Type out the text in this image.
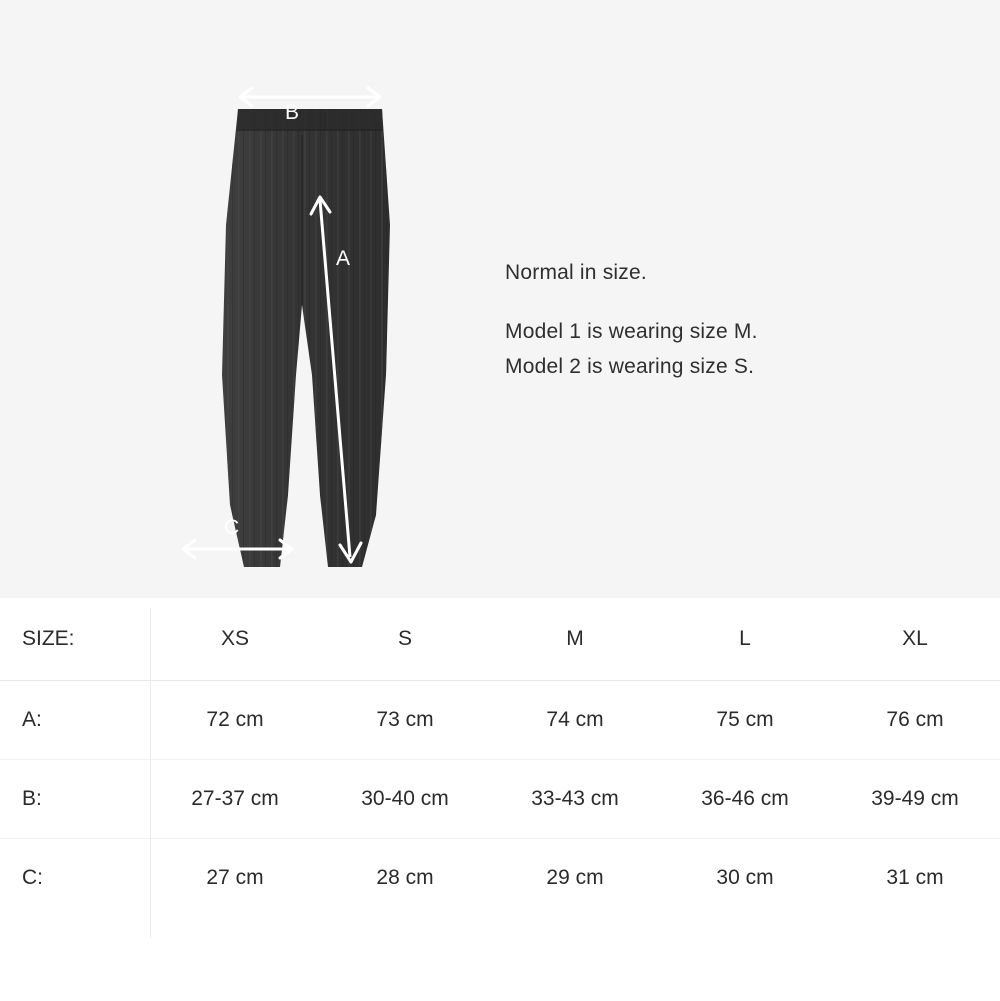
B
A
C
Normal in size.
Model 1 is wearing size M.
Model 2 is wearing size S.
SIZE:	XS	S	M	L	XL
A:	72 cm	73 cm	74 cm	75 cm	76 cm
B:	27-37 cm	30-40 cm	33-43 cm	36-46 cm	39-49 cm
C:	27 cm	28 cm	29 cm	30 cm	31 cm
